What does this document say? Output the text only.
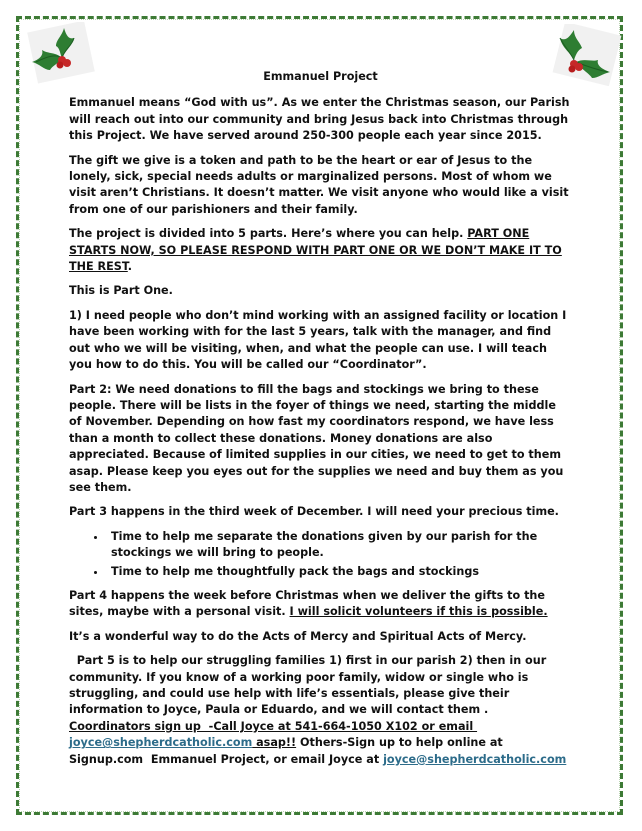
Emmanuel Project

Emmanuel means “God with us”. As we enter the Christmas season, our Parish will reach out into our community and bring Jesus back into Christmas through this Project. We have served around 250-300 people each year since 2015.

The gift we give is a token and path to be the heart or ear of Jesus to the lonely, sick, special needs adults or marginalized persons. Most of whom we visit aren’t Christians. It doesn’t matter. We visit anyone who would like a visit from one of our parishioners and their family.

The project is divided into 5 parts. Here’s where you can help. PART ONE STARTS NOW, SO PLEASE RESPOND WITH PART ONE OR WE DON’T MAKE IT TO THE REST.

This is Part One.

1) I need people who don’t mind working with an assigned facility or location I have been working with for the last 5 years, talk with the manager, and find out who we will be visiting, when, and what the people can use. I will teach you how to do this. You will be called our “Coordinator”.

Part 2: We need donations to fill the bags and stockings we bring to these people. There will be lists in the foyer of things we need, starting the middle of November. Depending on how fast my coordinators respond, we have less than a month to collect these donations. Money donations are also appreciated. Because of limited supplies in our cities, we need to get to them asap. Please keep you eyes out for the supplies we need and buy them as you see them.

Part 3 happens in the third week of December. I will need your precious time.

• Time to help me separate the donations given by our parish for the stockings we will bring to people.
• Time to help me thoughtfully pack the bags and stockings

Part 4 happens the week before Christmas when we deliver the gifts to the sites, maybe with a personal visit. I will solicit volunteers if this is possible.

It’s a wonderful way to do the Acts of Mercy and Spiritual Acts of Mercy.

Part 5 is to help our struggling families 1) first in our parish 2) then in our community. If you know of a working poor family, widow or single who is struggling, and could use help with life’s essentials, please give their information to Joyce, Paula or Eduardo, and we will contact them . Coordinators sign up  -Call Joyce at 541-664-1050 X102 or email joyce@shepherdcatholic.com asap!! Others-Sign up to help online at Signup.com  Emmanuel Project, or email Joyce at joyce@shepherdcatholic.com
